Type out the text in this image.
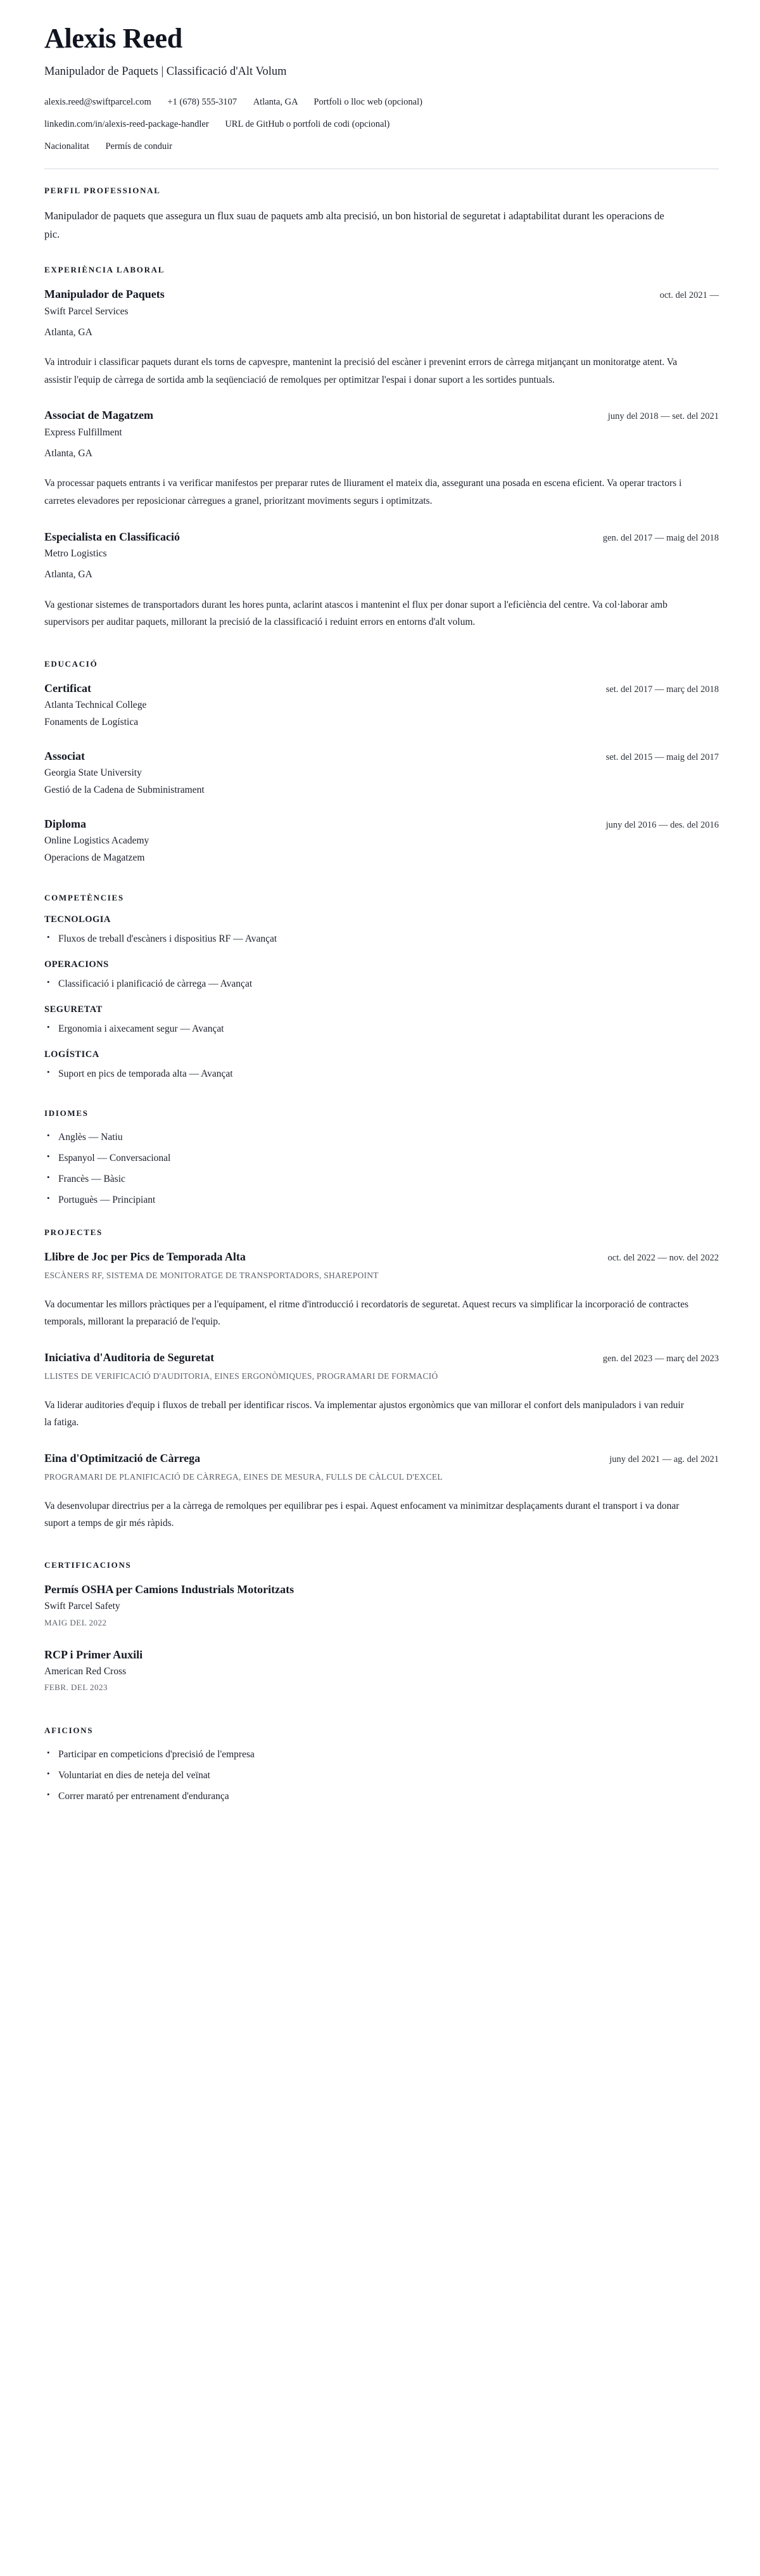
Alexis Reed
Manipulador de Paquets | Classificació d'Alt Volum
alexis.reed@swiftparcel.com +1 (678) 555-3107 Atlanta, GA Portfoli o lloc web (opcional)
linkedin.com/in/alexis-reed-package-handler URL de GitHub o portfoli de codi (opcional)
Nacionalitat Permís de conduir
PERFIL PROFESSIONAL

Manipulador de paquets que assegura un flux suau de paquets amb alta precisió, un bon historial de seguretat i adaptabilitat durant les operacions de pic.

EXPERIÈNCIA LABORAL
Manipulador de Paquets	oct. del 2021 —
Swift Parcel Services
Atlanta, GA

Va introduir i classificar paquets durant els torns de capvespre, mantenint la precisió del escàner i prevenint errors de càrrega mitjançant un monitoratge atent. Va assistir l'equip de càrrega de sortida amb la seqüenciació de remolques per optimitzar l'espai i donar suport a les sortides puntuals.

Associat de Magatzem	juny del 2018 — set. del 2021
Express Fulfillment
Atlanta, GA

Va processar paquets entrants i va verificar manifestos per preparar rutes de lliurament el mateix dia, assegurant una posada en escena eficient. Va operar tractors i carretes elevadores per reposicionar càrregues a granel, prioritzant moviments segurs i optimitzats.

Especialista en Classificació	gen. del 2017 — maig del 2018
Metro Logistics
Atlanta, GA

Va gestionar sistemes de transportadors durant les hores punta, aclarint atascos i mantenint el flux per donar suport a l'eficiència del centre. Va col·laborar amb supervisors per auditar paquets, millorant la precisió de la classificació i reduint errors en entorns d'alt volum.

EDUCACIÓ
Certificat	set. del 2017 — març del 2018
Atlanta Technical College
Fonaments de Logística
Associat	set. del 2015 — maig del 2017
Georgia State University
Gestió de la Cadena de Subministrament
Diploma	juny del 2016 — des. del 2016
Online Logistics Academy
Operacions de Magatzem
COMPETÈNCIES
TECNOLOGIA
• Fluxos de treball d'escàners i dispositius RF — Avançat
OPERACIONS
• Classificació i planificació de càrrega — Avançat
SEGURETAT
• Ergonomia i aixecament segur — Avançat
LOGÍSTICA
• Suport en pics de temporada alta — Avançat
IDIOMES
• Anglès — Natiu
• Espanyol — Conversacional
• Francès — Bàsic
• Portuguès — Principiant
PROJECTES
Llibre de Joc per Pics de Temporada Alta	oct. del 2022 — nov. del 2022
ESCÀNERS RF, SISTEMA DE MONITORATGE DE TRANSPORTADORS, SHAREPOINT

Va documentar les millors pràctiques per a l'equipament, el ritme d'introducció i recordatoris de seguretat. Aquest recurs va simplificar la incorporació de contractes temporals, millorant la preparació de l'equip.

Iniciativa d'Auditoria de Seguretat	gen. del 2023 — març del 2023
LLISTES DE VERIFICACIÓ D'AUDITORIA, EINES ERGONÒMIQUES, PROGRAMARI DE FORMACIÓ

Va liderar auditories d'equip i fluxos de treball per identificar riscos. Va implementar ajustos ergonòmics que van millorar el confort dels manipuladors i van reduir la fatiga.

Eina d'Optimització de Càrrega	juny del 2021 — ag. del 2021
PROGRAMARI DE PLANIFICACIÓ DE CÀRREGA, EINES DE MESURA, FULLS DE CÀLCUL D'EXCEL

Va desenvolupar directrius per a la càrrega de remolques per equilibrar pes i espai. Aquest enfocament va minimitzar desplaçaments durant el transport i va donar suport a temps de gir més ràpids.

CERTIFICACIONS
Permís OSHA per Camions Industrials Motoritzats
Swift Parcel Safety
MAIG DEL 2022
RCP i Primer Auxili
American Red Cross
FEBR. DEL 2023
AFICIONS
• Participar en competicions d'precisió de l'empresa
• Voluntariat en dies de neteja del veïnat
• Correr marató per entrenament d'endurança
